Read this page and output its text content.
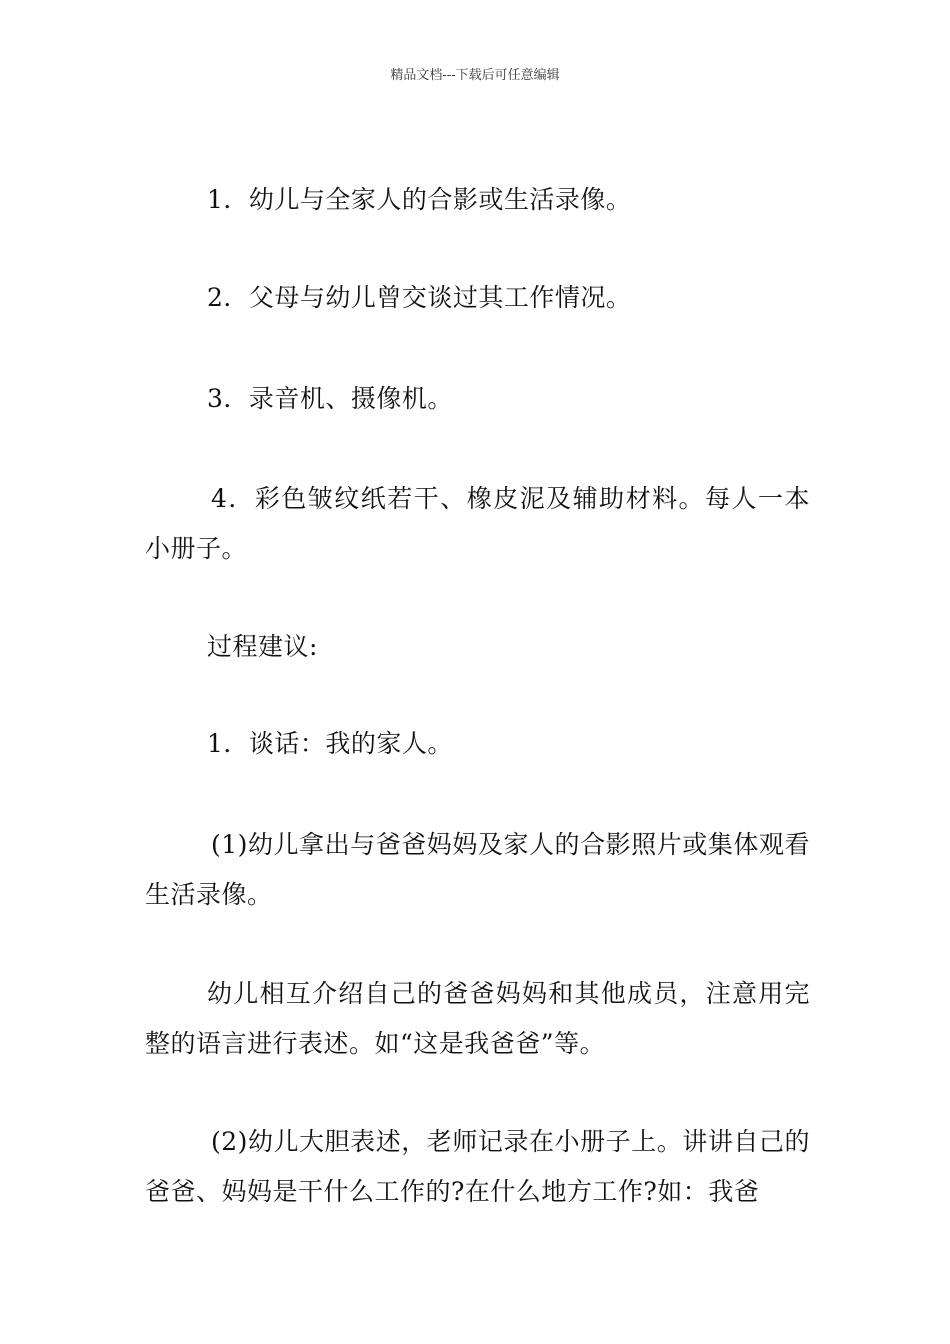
精品文档---下载后可任意编辑

1．幼儿与全家人的合影或生活录像。

2．父母与幼儿曾交谈过其工作情况。

3．录音机、摄像机。

4．彩色皱纹纸若干、橡皮泥及辅助材料。每人一本小册子。

过程建议:

1．谈话：我的家人。

(1)幼儿拿出与爸爸妈妈及家人的合影照片或集体观看生活录像。

幼儿相互介绍自己的爸爸妈妈和其他成员，注意用完整的语言进行表述。如“这是我爸爸”等。

(2)幼儿大胆表述，老师记录在小册子上。讲讲自己的爸爸、妈妈是干什么工作的?在什么地方工作?如：我爸
